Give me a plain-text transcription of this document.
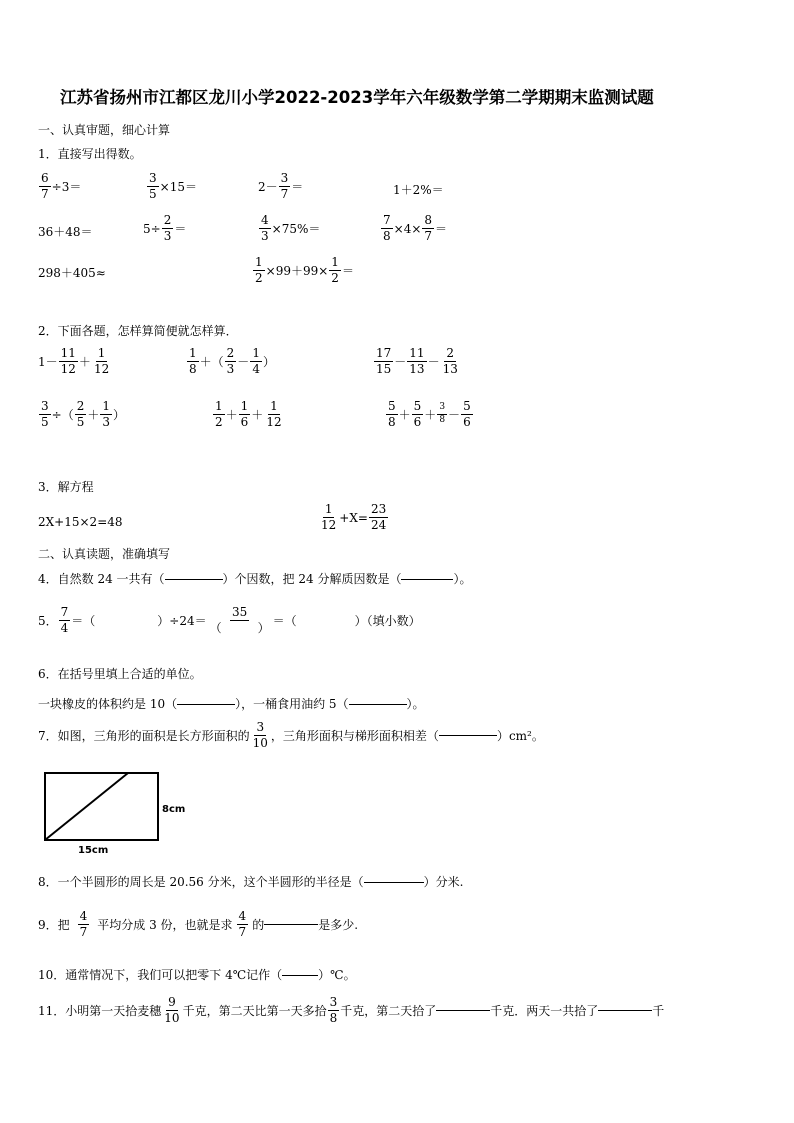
江苏省扬州市江都区龙川小学2022-2023学年六年级数学第二学期期末监测试题
一、认真审题，细心计算
1．直接写出得数。
$\frac{6}{7} \div 3=$	$\frac{3}{5} \times 15=$	$2- \frac{3}{7}$ ＝	1＋2%＝
36＋48＝	$5\div \frac{2}{3}$ ＝	$\frac{4}{3} \times 75\%=$	$\frac{7}{8} \times 4\times \frac{8}{7}$ ＝
298＋405≈	$\frac{1}{2} \times 99+99\times \frac{1}{2}$ ＝
2．下面各题，怎样算简便就怎样算．
$1- \frac{11}{12} + \frac{1}{12}$	$\frac{1}{8}$ ＋（ $\frac{2}{3} - \frac{1}{4}$ ）	$\frac{17}{15} - \frac{11}{13} - \frac{2}{13}$
$\frac{3}{5}$ ÷（ $\frac{2}{5} + \frac{1}{3}$ ）	$\frac{1}{2} + \frac{1}{6} + \frac{1}{12}$	$\frac{5}{8} + \frac{5}{6} + \frac{3}{8} - \frac{5}{6}$
3．解方程
2X+15×2=48	$\frac{1}{12} +X= \frac{23}{24}$
二、认真读题，准确填写
4．自然数 24 一共有（	）个因数，把 24 分解质因数是（	）。
5． $\frac{7}{4}$ ＝（	）$\div 24= \frac{35}{( )}$ ＝（	）（填小数）
6．在括号里填上合适的单位。
一块橡皮的体积约是 10（	），一桶食用油约 5（	）。
7．如图，三角形的面积是长方形面积的 $\frac{3}{10}$ ，三角形面积与梯形面积相差（	）cm²。
8cm
15cm
8．一个半圆形的周长是 20.56 分米，这个半圆形的半径是（	）分米.
9．把 $\frac{4}{7}$ 平均分成 3 份，也就是求 $\frac{4}{7}$ 的	是多少.
10．通常情况下，我们可以把零下 4℃记作（	）℃。
11．小明第一天拾麦穗 $\frac{9}{10}$ 千克，第二天比第一天多拾 $\frac{3}{8}$ 千克，第二天拾了	千克．两天一共拾了	千
